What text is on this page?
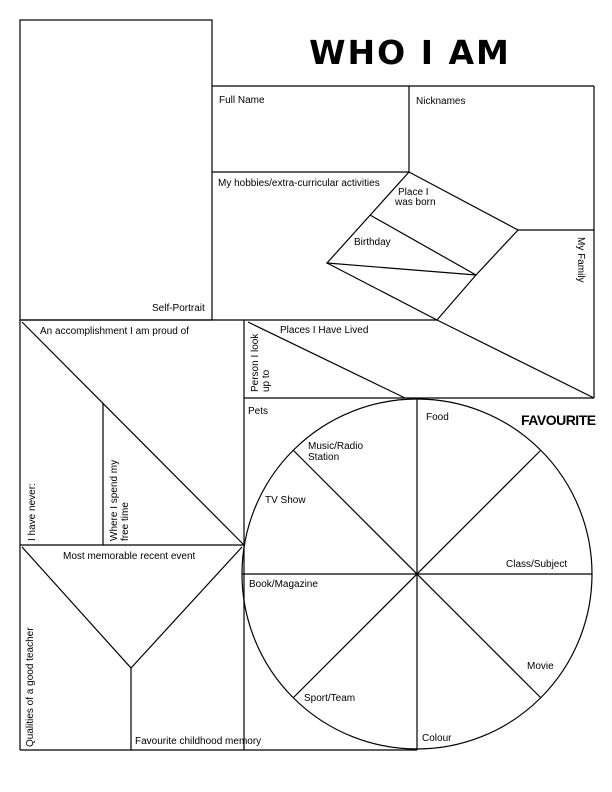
WHO I AM
Self-Portrait
Full Name	Nicknames
My hobbies/extra-curricular activities
Place I
was born
Birthday	My Family
Places I Have Lived
Person I look up to
An accomplishment I am proud of
I have never:	Where I spend my free time
Most memorable recent event
Qualities of a good teacher	Favourite childhood memory
Pets
FAVOURITE
Food
Music/Radio
Station
TV Show
Class/Subject
Book/Magazine
Movie
Sport/Team
Colour
